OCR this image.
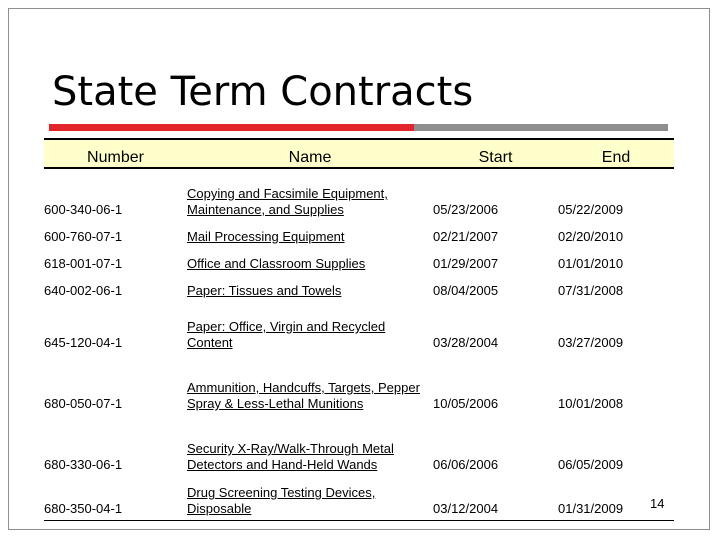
State Term Contracts
Number	Name	Start	End
600-340-06-1	Copying and Facsimile Equipment, Maintenance, and Supplies	05/23/2006	05/22/2009
600-760-07-1	Mail Processing Equipment	02/21/2007	02/20/2010
618-001-07-1	Office and Classroom Supplies	01/29/2007	01/01/2010
640-002-06-1	Paper: Tissues and Towels	08/04/2005	07/31/2008
645-120-04-1	Paper: Office, Virgin and Recycled Content	03/28/2004	03/27/2009
680-050-07-1	Ammunition, Handcuffs, Targets, Pepper Spray & Less-Lethal Munitions	10/05/2006	10/01/2008
680-330-06-1	Security X-Ray/Walk-Through Metal Detectors and Hand-Held Wands	06/06/2006	06/05/2009
680-350-04-1	Drug Screening Testing Devices, Disposable	03/12/2004	01/31/2009 14
